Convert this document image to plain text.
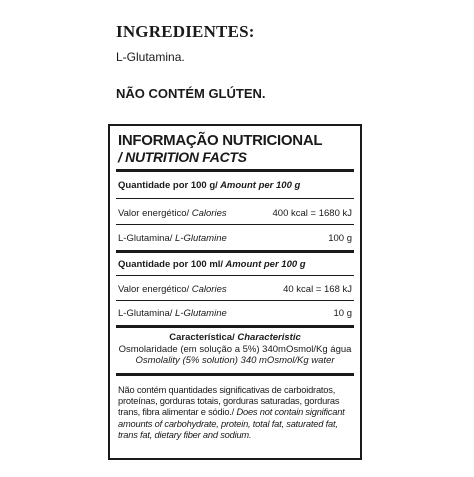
INGREDIENTES:
L-Glutamina.
NÃO CONTÉM GLÚTEN.
INFORMAÇÃO NUTRICIONAL
/ NUTRITION FACTS
Quantidade por 100 g/ Amount per 100 g
Valor energético/ Calories	400 kcal = 1680 kJ
L-Glutamina/ L-Glutamine	100 g
Quantidade por 100 ml/ Amount per 100 g
Valor energético/ Calories	40 kcal = 168 kJ
L-Glutamina/ L-Glutamine	10 g
Característica/ Characteristic
Osmolaridade (em solução a 5%) 340mOsmol/Kg água
Osmolality (5% solution) 340 mOsmol/Kg water
Não contém quantidades significativas de carboidratos, proteínas, gorduras totais, gorduras saturadas, gorduras trans, fibra alimentar e sódio./ Does not contain significant amounts of carbohydrate, protein, total fat, saturated fat, trans fat, dietary fiber and sodium.
